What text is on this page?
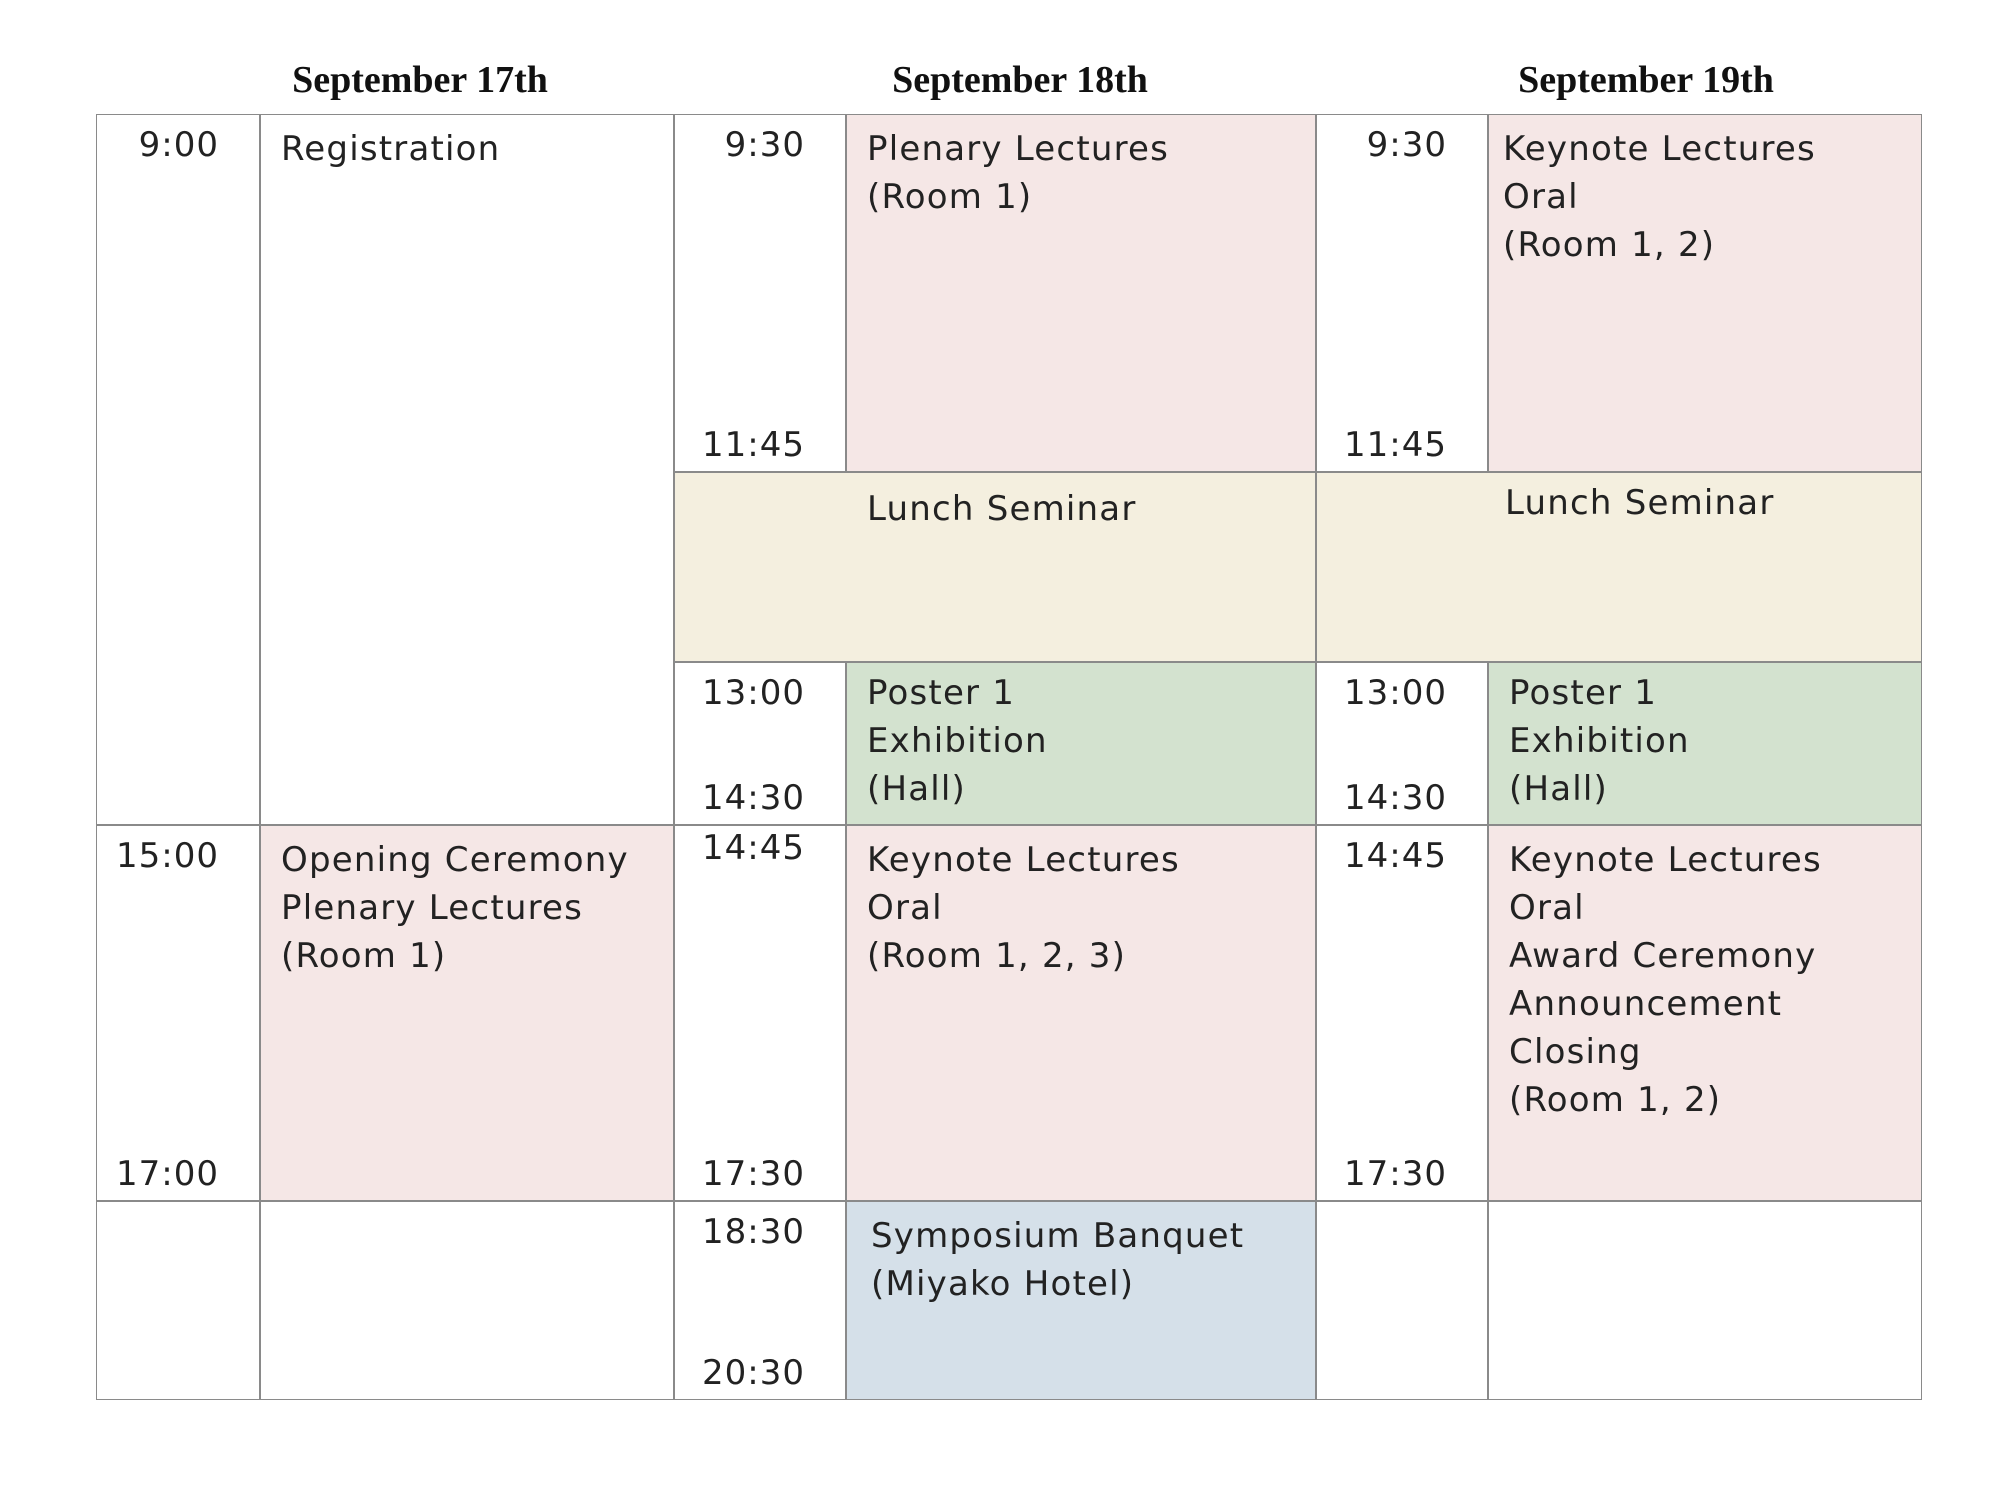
September 17th	September 18th	September 19th
9:00 Registration
15:00
17:00
Opening Ceremony
Plenary Lectures
(Room 1)
9:30
11:45
Plenary Lectures
(Room 1)
Lunch Seminar
13:00
14:30
Poster 1
Exhibition
(Hall)
14:45
17:30
Keynote Lectures
Oral
(Room 1, 2, 3)
18:30
20:30
Symposium Banquet
(Miyako Hotel)
9:30
11:45
Keynote Lectures
Oral
(Room 1, 2)
Lunch Seminar
13:00
14:30
Poster 1
Exhibition
(Hall)
14:45
17:30
Keynote Lectures
Oral
Award Ceremony
Announcement
Closing
(Room 1, 2)
